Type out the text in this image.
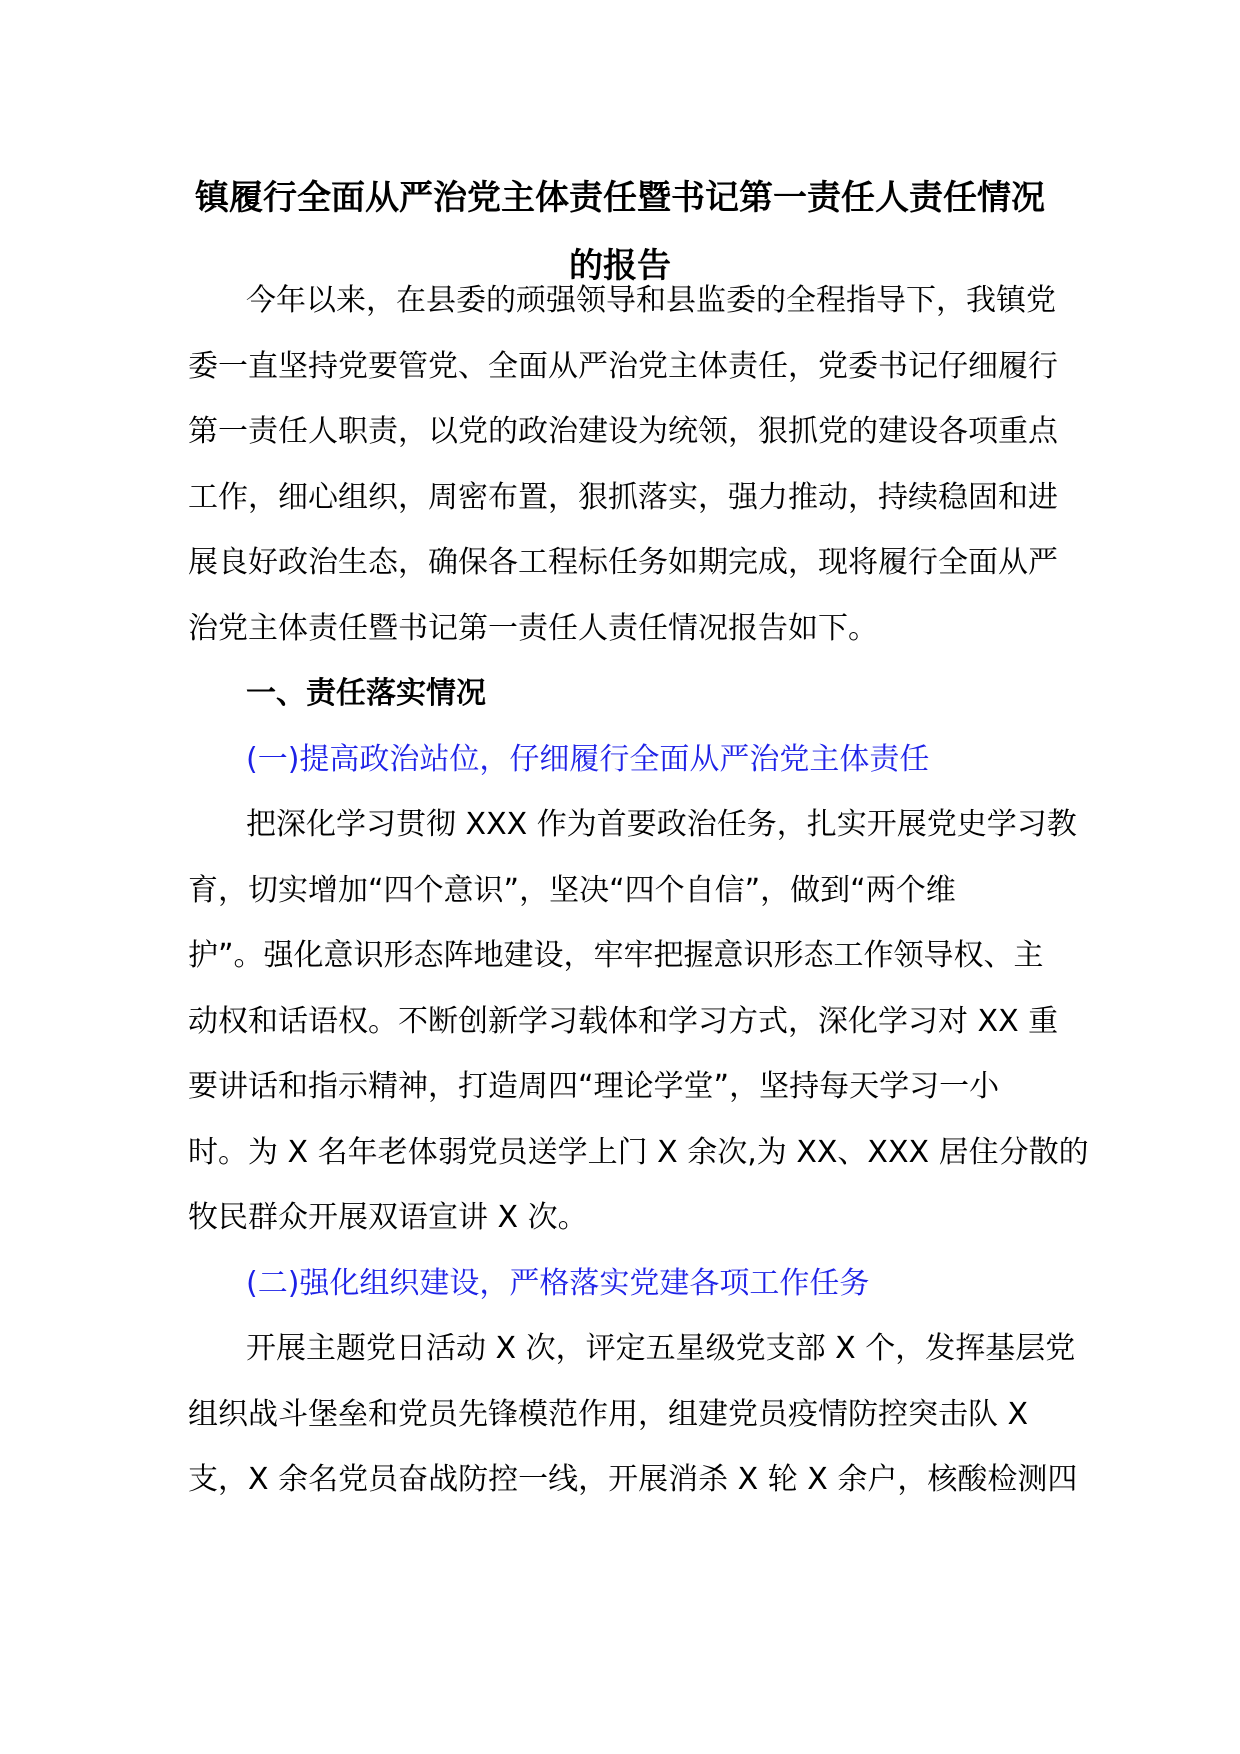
镇履行全面从严治党主体责任暨书记第一责任人责任情况
的报告
今年以来，在县委的顽强领导和县监委的全程指导下，我镇党
委一直坚持党要管党、全面从严治党主体责任，党委书记仔细履行
第一责任人职责，以党的政治建设为统领，狠抓党的建设各项重点
工作，细心组织，周密布置，狠抓落实，强力推动，持续稳固和进
展良好政治生态，确保各工程标任务如期完成，现将履行全面从严
治党主体责任暨书记第一责任人责任情况报告如下。
一、责任落实情况
(一)提高政治站位，仔细履行全面从严治党主体责任
把深化学习贯彻 XXX 作为首要政治任务，扎实开展党史学习教
育，切实增加“四个意识”，坚决“四个自信”，做到“两个维
护”。强化意识形态阵地建设，牢牢把握意识形态工作领导权、主
动权和话语权。不断创新学习载体和学习方式，深化学习对 XX 重
要讲话和指示精神，打造周四“理论学堂”，坚持每天学习一小
时。为 X 名年老体弱党员送学上门 X 余次,为 XX、XXX 居住分散的
牧民群众开展双语宣讲 X 次。
(二)强化组织建设，严格落实党建各项工作任务
开展主题党日活动 X 次，评定五星级党支部 X 个，发挥基层党
组织战斗堡垒和党员先锋模范作用，组建党员疫情防控突击队 X
支，X 余名党员奋战防控一线，开展消杀 X 轮 X 余户，核酸检测四
